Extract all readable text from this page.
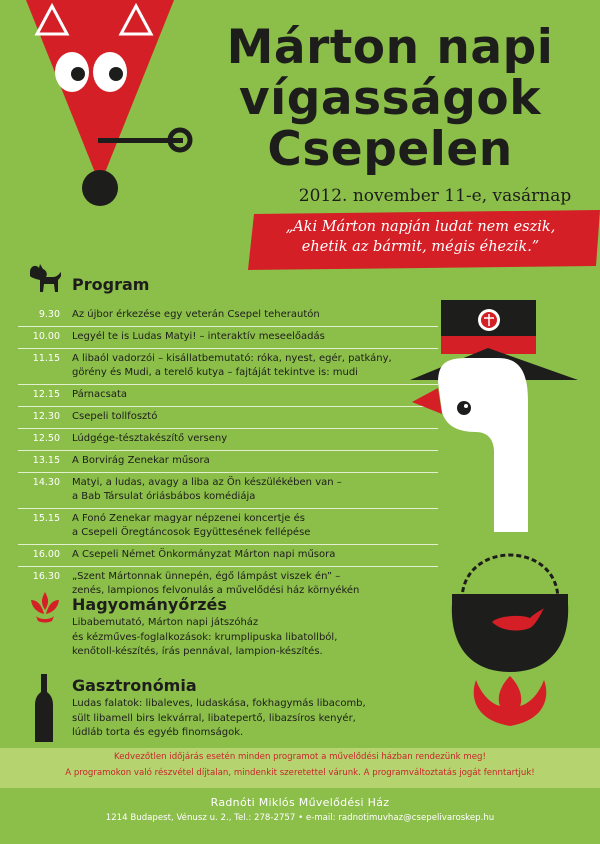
Márton napi
vígasságok
Csepelen
2012. november 11-e, vasárnap
„Aki Márton napján ludat nem eszik,
ehetik az bármit, mégis éhezik.”
Program
9.30	Az újbor érkezése egy veterán Csepel teherautón
10.00	Legyél te is Ludas Matyi! – interaktív meseelőadás
11.15	A libaól vadorzói – kisállatbemutató: róka, nyest, egér, patkány,
görény és Mudi, a terelő kutya – fajtáját tekintve is: mudi
12.15	Párnacsata
12.30	Csepeli tollfosztó
12.50	Lúdgége-tésztakészítő verseny
13.15	A Borvirág Zenekar műsora
14.30	Matyi, a ludas, avagy a liba az Ön készülékében van –
a Bab Társulat óriásbábos komédiája
15.15	A Fonó Zenekar magyar népzenei koncertje és
a Csepeli Öregtáncosok Együttesének fellépése
16.00	A Csepeli Német Önkormányzat Márton napi műsora
16.30	„Szent Mártonnak ünnepén, égő lámpást viszek én” –
zenés, lampionos felvonulás a művelődési ház környékén
Hagyományőrzés
Libabemutató, Márton napi játszóház
és kézműves-foglalkozások: krumplipuska libatollból,
kenőtoll-készítés, írás pennával, lampion-készítés.
Gasztronómia
Ludas falatok: libaleves, ludaskása, fokhagymás libacomb,
sült libamell birs lekvárral, libatepertő, libazsíros kenyér,
lúdláb torta és egyéb finomságok.
Kedvezőtlen időjárás esetén minden programot a művelődési házban rendezünk meg!
A programokon való részvétel díjtalan, mindenkit szeretettel várunk. A programváltoztatás jogát fenntartjuk!
Radnóti Miklós Művelődési Ház
1214 Budapest, Vénusz u. 2., Tel.: 278-2757 • e-mail: radnotimuvhaz@csepelivaroskep.hu
